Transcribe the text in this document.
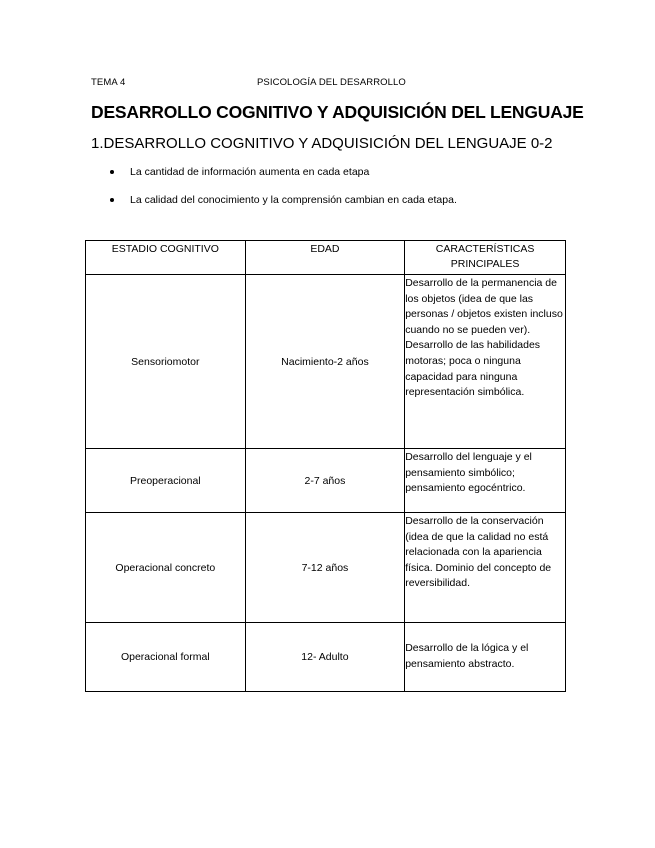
TEMA 4	PSICOLOGÍA DEL DESARROLLO
DESARROLLO COGNITIVO Y ADQUISICIÓN DEL LENGUAJE
1.DESARROLLO COGNITIVO Y ADQUISICIÓN DEL LENGUAJE 0-2
La cantidad de información aumenta en cada etapa
La calidad del conocimiento y la comprensión cambian en cada etapa.
ESTADIO COGNITIVO	EDAD	CARACTERÍSTICAS PRINCIPALES
Sensoriomotor	Nacimiento-2 años	Desarrollo de la permanencia de los objetos (idea de que las personas / objetos existen incluso cuando no se pueden ver). Desarrollo de las habilidades motoras; poca o ninguna capacidad para ninguna representación simbólica.
Preoperacional	2-7 años	Desarrollo del lenguaje y el pensamiento simbólico; pensamiento egocéntrico.
Operacional concreto	7-12 años	Desarrollo de la conservación (idea de que la calidad no está relacionada con la apariencia física. Dominio del concepto de reversibilidad.
Operacional formal	12- Adulto	Desarrollo de la lógica y el pensamiento abstracto.
